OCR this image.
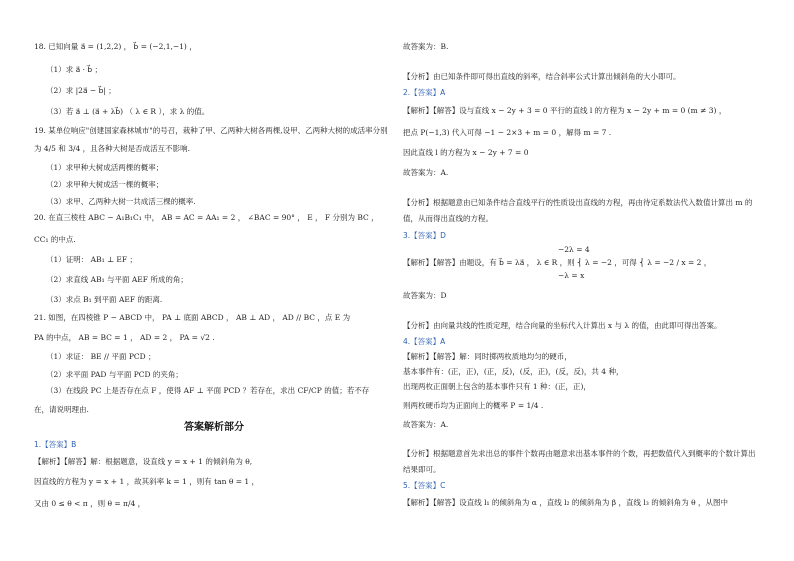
18. 已知向量 a⃗ = (1,2,2) ， b⃗ = (−2,1,−1) ，
（1）求 a⃗ · b⃗ ；
（2）求 |2a⃗ − b⃗| ；
（3）若 a⃗ ⊥ (a⃗ + λb⃗) （ λ ∈ R ），求 λ 的值。
19. 某单位响应"创建国家森林城市"的号召，栽种了甲、乙两种大树各两棵,设甲、乙两种大树的成活率分别
为 4/5 和 3/4 ，且各种大树是否成活互不影响.
（1）求甲种大树成活两棵的概率；
（2）求甲种大树成活一棵的概率；
（3）求甲、乙两种大树一共成活三棵的概率.
20. 在直三棱柱 ABC − A₁B₁C₁ 中， AB = AC = AA₁ = 2 ， ∠BAC = 90° ， E ， F 分别为 BC ，
CC₁ 的中点.
（1）证明： AB₁ ⊥ EF ；
（2）求直线 AB₁ 与平面 AEF 所成的角；
（3）求点 B₁ 到平面 AEF 的距离.
21. 如图，在四棱锥 P − ABCD 中， PA ⊥ 底面 ABCD ， AB ⊥ AD ， AD // BC ，点 E 为
PA 的中点， AB = BC = 1 ， AD = 2 ， PA = √2 .
（1）求证： BE // 平面 PCD ；
（2）求平面 PAD 与平面 PCD 的夹角；
（3）在线段 PC 上是否存在点 F ，使得 AF ⊥ 平面 PCD ？若存在，求出 CF/CP 的值；若不存
在，请说明理由.
答案解析部分
1.【答案】B
【解析】【解答】解：根据题意，设直线 y = x + 1 的倾斜角为 θ,
因直线的方程为 y = x + 1 ，故其斜率 k = 1 ，则有 tan θ = 1 ，
又由 0 ≤ θ < π ，则 θ = π/4 ，
故答案为：B.
【分析】由已知条件即可得出直线的斜率，结合斜率公式计算出倾斜角的大小即可。
2.【答案】A
【解析】【解答】设与直线 x − 2y + 3 = 0 平行的直线 l 的方程为 x − 2y + m = 0 (m ≠ 3) ，
把点 P(−1,3) 代入可得 −1 − 2×3 + m = 0 ，解得 m = 7 .
因此直线 l 的方程为 x − 2y + 7 = 0
故答案为：A.
【分析】根据题意由已知条件结合直线平行的性质设出直线的方程，再由待定系数法代入数值计算出 m 的
值，从而得出直线的方程。
3.【答案】D
−2λ = 4
【解析】【解答】由题设，有 b⃗ = λa⃗ ， λ ∈ R ，则 ⎨ λ = −2 ，可得 ⎨ λ = −2 / x = 2 ，
−λ = x
故答案为：D
【分析】由向量共线的性质定理，结合向量的坐标代入计算出 x 与 λ 的值，由此即可得出答案。
4.【答案】A
【解析】【解答】解：同时掷两枚质地均匀的硬币，
基本事件有：(正，正)，(正，反)，(反，正)，(反，反)，共 4 种，
出现两枚正面朝上包含的基本事件只有 1 种：(正，正)，
则两枚硬币均为正面向上的概率 P = 1/4 .
故答案为：A.
【分析】根据题意首先求出总的事件个数再由题意求出基本事件的个数，再把数值代入到概率的个数计算出
结果即可。
5.【答案】C
【解析】【解答】设直线 l₁ 的倾斜角为 α ，直线 l₂ 的倾斜角为 β ，直线 l₃ 的倾斜角为 θ ，从图中
